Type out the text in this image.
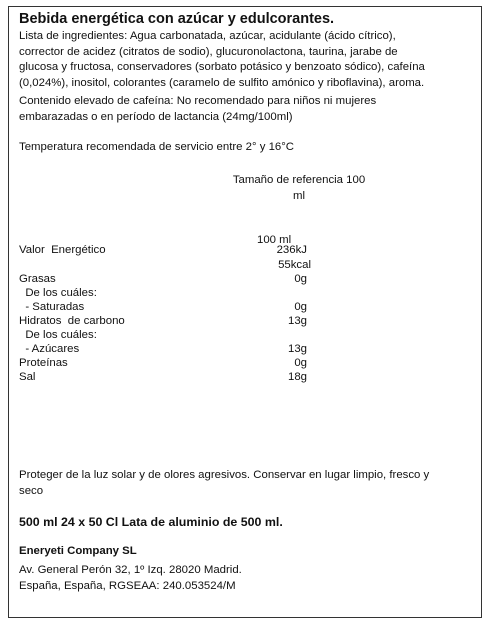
Bebida energética con azúcar y edulcorantes.
Lista de ingredientes: Agua carbonatada, azúcar, acidulante (ácido cítrico),
corrector de acidez (citratos de sodio), glucuronolactona, taurina, jarabe de
glucosa y fructosa, conservadores (sorbato potásico y benzoato sódico), cafeína
(0,024%), inositol, colorantes (caramelo de sulfito amónico y riboflavina), aroma.
Contenido elevado de cafeína: No recomendado para niños ni mujeres
embarazadas o en período de lactancia (24mg/100ml)
Temperatura recomendada de servicio entre 2° y 16°C
Tamaño de referencia 100
ml
100 ml
Valor  Energético	236kJ
55kcal
Grasas	0g
De los cuáles:
- Saturadas	0g
Hidratos  de carbono	13g
De los cuáles:
- Azúcares	13g
Proteínas	0g
Sal	18g
Proteger de la luz solar y de olores agresivos. Conservar en lugar limpio, fresco y
seco
500 ml 24 x 50 Cl Lata de aluminio de 500 ml.
Eneryeti Company SL
Av. General Perón 32, 1º Izq. 28020 Madrid.
España, España, RGSEAA: 240.053524/M
